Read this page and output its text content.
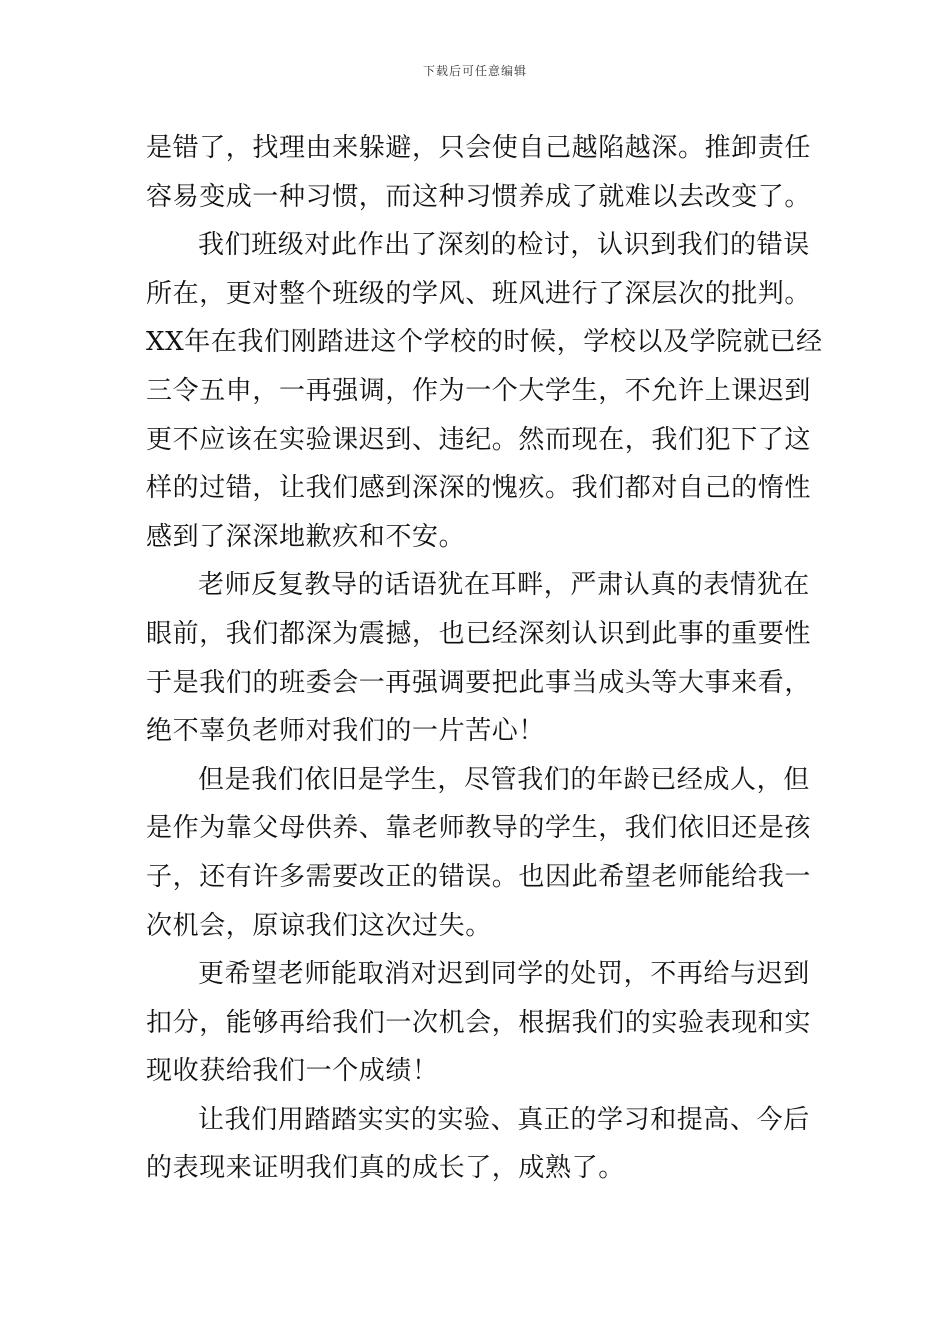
下载后可任意编辑
是错了，找理由来躲避，只会使自己越陷越深。推卸责任
容易变成一种习惯，而这种习惯养成了就难以去改变了。
我们班级对此作出了深刻的检讨，认识到我们的错误
所在，更对整个班级的学风、班风进行了深层次的批判。
XX年在我们刚踏进这个学校的时候，学校以及学院就已经
三令五申，一再强调，作为一个大学生，不允许上课迟到
更不应该在实验课迟到、违纪。然而现在，我们犯下了这
样的过错，让我们感到深深的愧疚。我们都对自己的惰性
感到了深深地歉疚和不安。
老师反复教导的话语犹在耳畔，严肃认真的表情犹在
眼前，我们都深为震撼，也已经深刻认识到此事的重要性
于是我们的班委会一再强调要把此事当成头等大事来看，
绝不辜负老师对我们的一片苦心！
但是我们依旧是学生，尽管我们的年龄已经成人，但
是作为靠父母供养、靠老师教导的学生，我们依旧还是孩
子，还有许多需要改正的错误。也因此希望老师能给我一
次机会，原谅我们这次过失。
更希望老师能取消对迟到同学的处罚，不再给与迟到
扣分，能够再给我们一次机会，根据我们的实验表现和实
现收获给我们一个成绩！
让我们用踏踏实实的实验、真正的学习和提高、今后
的表现来证明我们真的成长了，成熟了。
